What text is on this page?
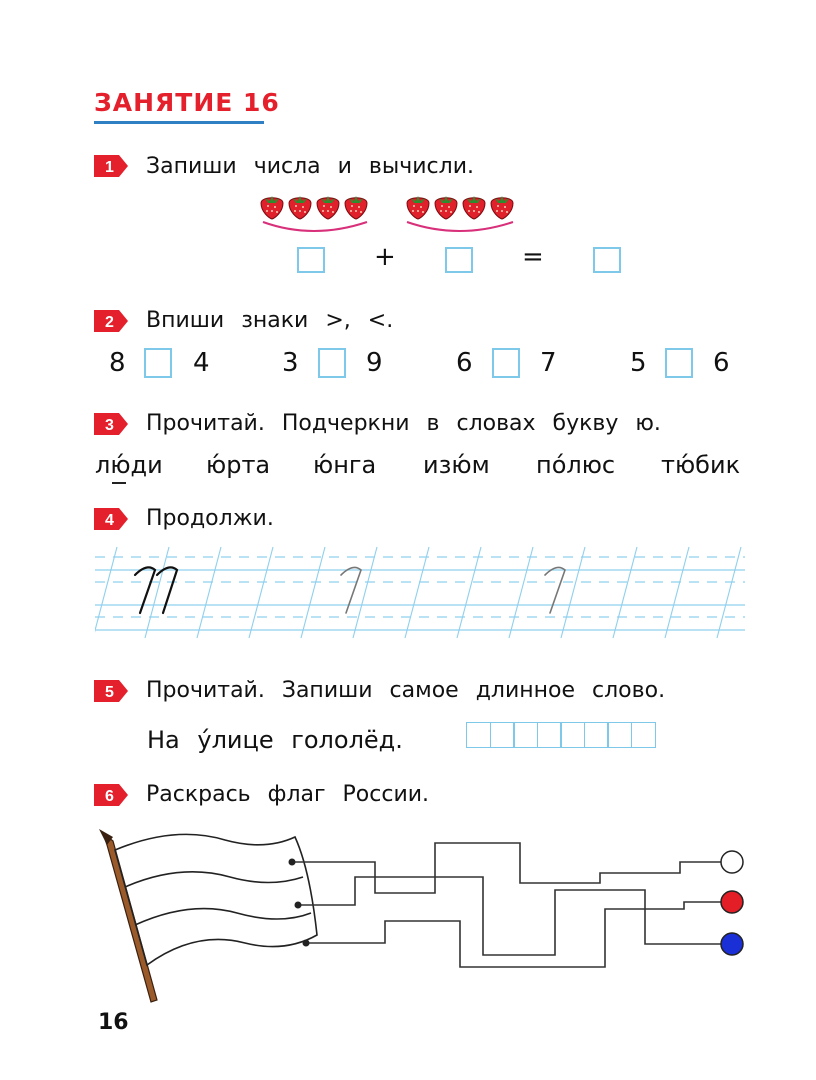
ЗАНЯТИЕ 16
1 Запиши числа и вычисли.
+	=
2 Впиши знаки >, <.
8	4	3	9	6	7	5	6
3 Прочитай. Подчеркни в словах букву ю.
лю́ди ю́рта ю́нга изю́м по́люс тю́бик
4 Продолжи.
5 Прочитай. Запиши самое длинное слово.
На у́лице гололёд.
6 Раскрась флаг России.
16
